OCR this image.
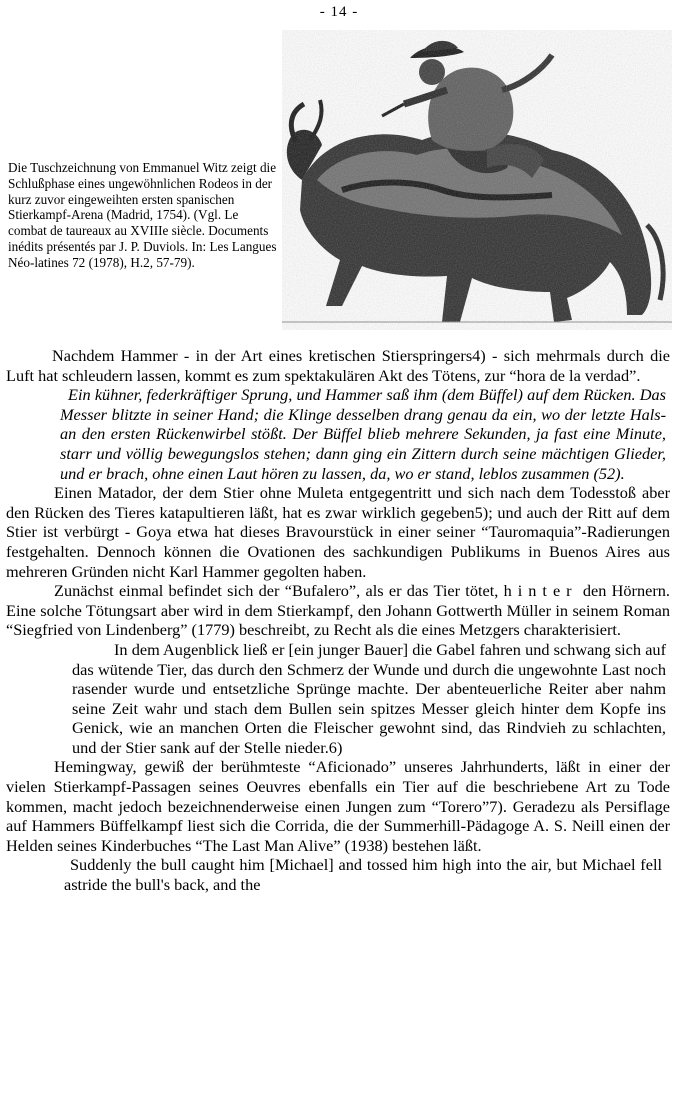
- 14 -
Die Tuschzeichnung von Emmanuel Witz zeigt die Schlußphase eines ungewöhnlichen Rodeos in der kurz zuvor eingeweihten ersten spanischen Stierkampf-Arena (Madrid, 1754). (Vgl. Le combat de taureaux au XVIIIe siècle. Documents inédits présentés par J. P. Duviols. In: Les Langues Néo-latines 72 (1978), H.2, 57-79).

Nachdem Hammer - in der Art eines kretischen Stierspringers4) - sich mehrmals durch die Luft hat schleudern lassen, kommt es zum spektakulären Akt des Tötens, zur “hora de la verdad”.

Ein kühner, federkräftiger Sprung, und Hammer saß ihm (dem Büffel) auf dem Rücken. Das Messer blitzte in seiner Hand; die Klinge desselben drang genau da ein, wo der letzte Hals- an den ersten Rückenwirbel stößt. Der Büffel blieb mehrere Sekunden, ja fast eine Minute, starr und völlig bewegungslos stehen; dann ging ein Zittern durch seine mächtigen Glieder, und er brach, ohne einen Laut hören zu lassen, da, wo er stand, leblos zusammen (52).

Einen Matador, der dem Stier ohne Muleta entgegentritt und sich nach dem Todesstoß aber den Rücken des Tieres katapultieren läßt, hat es zwar wirklich gegeben5); und auch der Ritt auf dem Stier ist verbürgt - Goya etwa hat dieses Bravourstück in einer seiner “Tauromaquia”-Radierungen festgehalten. Dennoch können die Ovationen des sachkundigen Publikums in Buenos Aires aus mehreren Gründen nicht Karl Hammer gegolten haben.

Zunächst einmal befindet sich der “Bufalero”, als er das Tier tötet, hinter den Hörnern. Eine solche Tötungsart aber wird in dem Stierkampf, den Johann Gottwerth Müller in seinem Roman “Siegfried von Lindenberg” (1779) beschreibt, zu Recht als die eines Metzgers charakterisiert.

In dem Augenblick ließ er [ein junger Bauer] die Gabel fahren und schwang sich auf das wütende Tier, das durch den Schmerz der Wunde und durch die ungewohnte Last noch rasender wurde und entsetzliche Sprünge machte. Der abenteuerliche Reiter aber nahm seine Zeit wahr und stach dem Bullen sein spitzes Messer gleich hinter dem Kopfe ins Genick, wie an manchen Orten die Fleischer gewohnt sind, das Rindvieh zu schlachten, und der Stier sank auf der Stelle nieder.6)

Hemingway, gewiß der berühmteste “Aficionado” unseres Jahrhunderts, läßt in einer der vielen Stierkampf-Passagen seines Oeuvres ebenfalls ein Tier auf die beschriebene Art zu Tode kommen, macht jedoch bezeichnenderweise einen Jungen zum “Torero”7). Geradezu als Persiflage auf Hammers Büffelkampf liest sich die Corrida, die der Summerhill-Pädagoge A. S. Neill einen der Helden seines Kinderbuches “The Last Man Alive” (1938) bestehen läßt.

Suddenly the bull caught him [Michael] and tossed him high into the air, but Michael fell astride the bull's back, and the
